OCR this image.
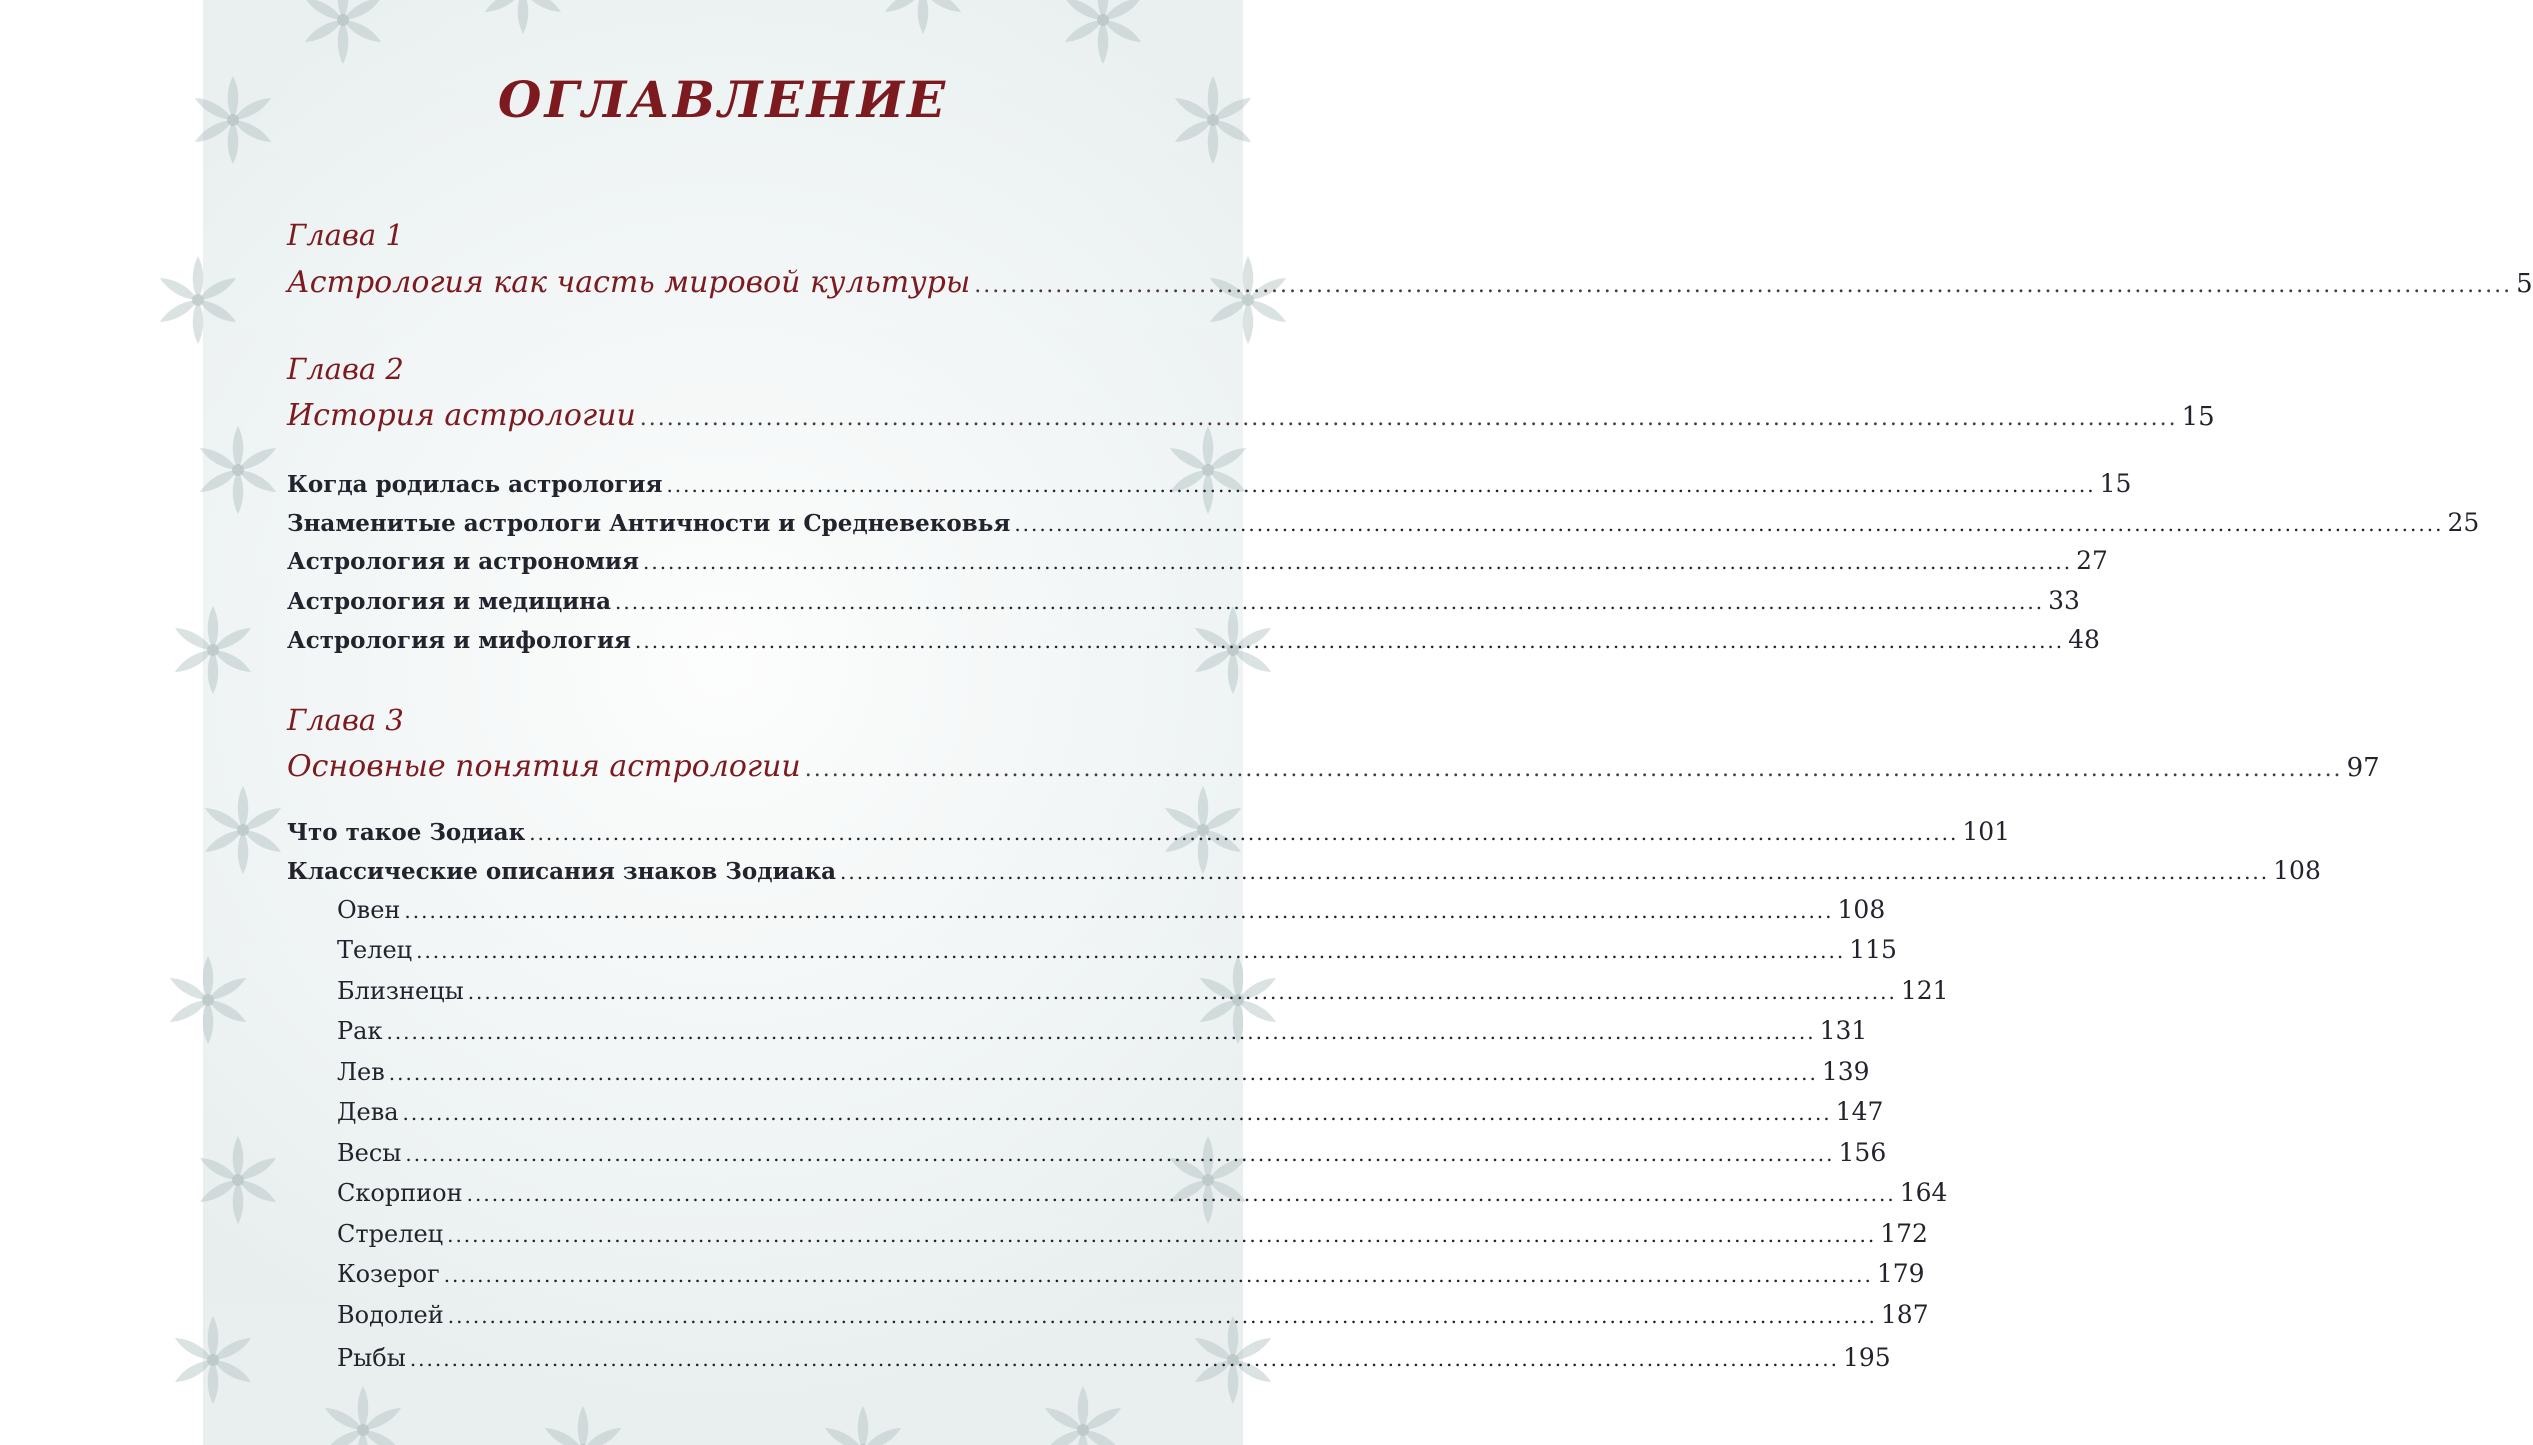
ОГЛАВЛЕНИЕ
Глава 1
Астрология как часть мировой культуры ........................................................................................................................................................................... 5
Глава 2
История астрологии ........................................................................................................................................................................... 15
Когда родилась астрология ........................................................................................................................................................................... 15
Знаменитые астрологи Античности и Средневековья ........................................................................................................................................................................... 25
Астрология и астрономия ........................................................................................................................................................................... 27
Астрология и медицина ........................................................................................................................................................................... 33
Астрология и мифология ........................................................................................................................................................................... 48
Глава 3
Основные понятия астрологии ........................................................................................................................................................................... 97
Что такое Зодиак ........................................................................................................................................................................... 101
Классические описания знаков Зодиака ........................................................................................................................................................................... 108
Овен ........................................................................................................................................................................... 108
Телец ........................................................................................................................................................................... 115
Близнецы ........................................................................................................................................................................... 121
Рак ........................................................................................................................................................................... 131
Лев ........................................................................................................................................................................... 139
Дева ........................................................................................................................................................................... 147
Весы ........................................................................................................................................................................... 156
Скорпион ........................................................................................................................................................................... 164
Стрелец ........................................................................................................................................................................... 172
Козерог ........................................................................................................................................................................... 179
Водолей ........................................................................................................................................................................... 187
Рыбы ........................................................................................................................................................................... 195
